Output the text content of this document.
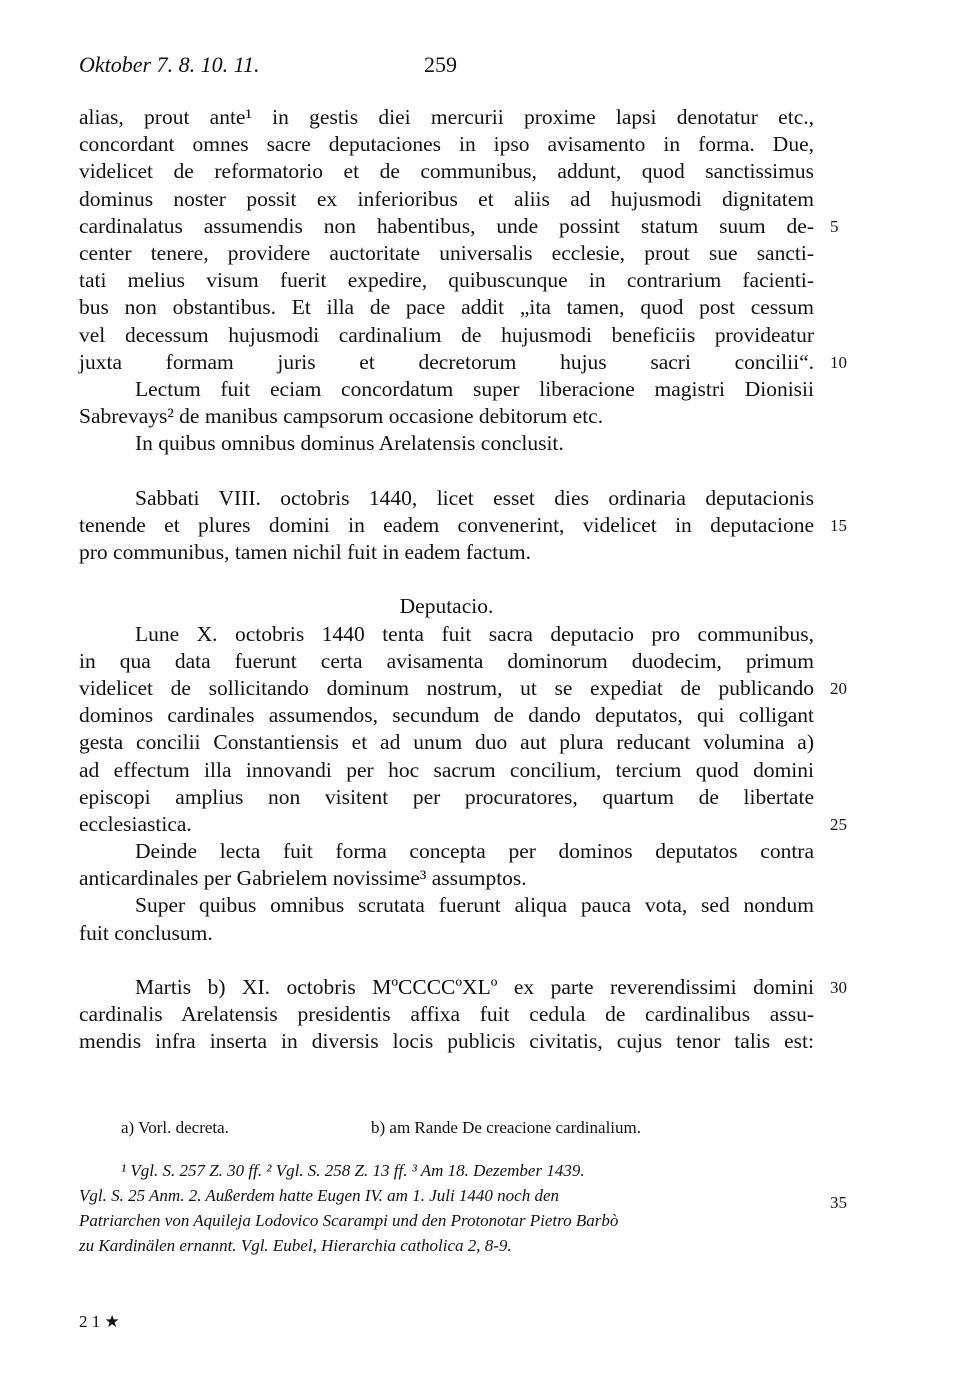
Oktober 7. 8. 10. 11.	259
alias, prout ante¹ in gestis diei mercurii proxime lapsi denotatur etc.,
concordant omnes sacre deputaciones in ipso avisamento in forma. Due,
videlicet de reformatorio et de communibus, addunt, quod sanctissimus
dominus noster possit ex inferioribus et aliis ad hujusmodi dignitatem
cardinalatus assumendis non habentibus, unde possint statum suum de- 5
center tenere, providere auctoritate universalis ecclesie, prout sue sancti-
tati melius visum fuerit expedire, quibuscunque in contrarium facienti-
bus non obstantibus. Et illa de pace addit „ita tamen, quod post cessum
vel decessum hujusmodi cardinalium de hujusmodi beneficiis provideatur
juxta formam juris et decretorum hujus sacri concilii“. 10
Lectum fuit eciam concordatum super liberacione magistri Dionisii
Sabrevays² de manibus campsorum occasione debitorum etc.
In quibus omnibus dominus Arelatensis conclusit.
Sabbati VIII. octobris 1440, licet esset dies ordinaria deputacionis
tenende et plures domini in eadem convenerint, videlicet in deputacione 15
pro communibus, tamen nichil fuit in eadem factum.
Deputacio.
Lune X. octobris 1440 tenta fuit sacra deputacio pro communibus,
in qua data fuerunt certa avisamenta dominorum duodecim, primum
videlicet de sollicitando dominum nostrum, ut se expediat de publicando 20
dominos cardinales assumendos, secundum de dando deputatos, qui colligant
gesta concilii Constantiensis et ad unum duo aut plura reducant volumina a)
ad effectum illa innovandi per hoc sacrum concilium, tercium quod domini
episcopi amplius non visitent per procuratores, quartum de libertate
ecclesiastica.	25
Deinde lecta fuit forma concepta per dominos deputatos contra
anticardinales per Gabrielem novissime³ assumptos.
Super quibus omnibus scrutata fuerunt aliqua pauca vota, sed nondum
fuit conclusum.
Martis b) XI. octobris MºCCCCºXLº ex parte reverendissimi domini 30
cardinalis Arelatensis presidentis affixa fuit cedula de cardinalibus assu-
mendis infra inserta in diversis locis publicis civitatis, cujus tenor talis est:
a) Vorl. decreta.	b) am Rande De creacione cardinalium.
¹ Vgl. S. 257 Z. 30 ff. ² Vgl. S. 258 Z. 13 ff. ³ Am 18. Dezember 1439.
Vgl. S. 25 Anm. 2. Außerdem hatte Eugen IV. am 1. Juli 1440 noch den
Patriarchen von Aquileja Lodovico Scarampi und den Protonotar Pietro Barbò
zu Kardinälen ernannt. Vgl. Eubel, Hierarchia catholica 2, 8-9.
35
2 1 ★
